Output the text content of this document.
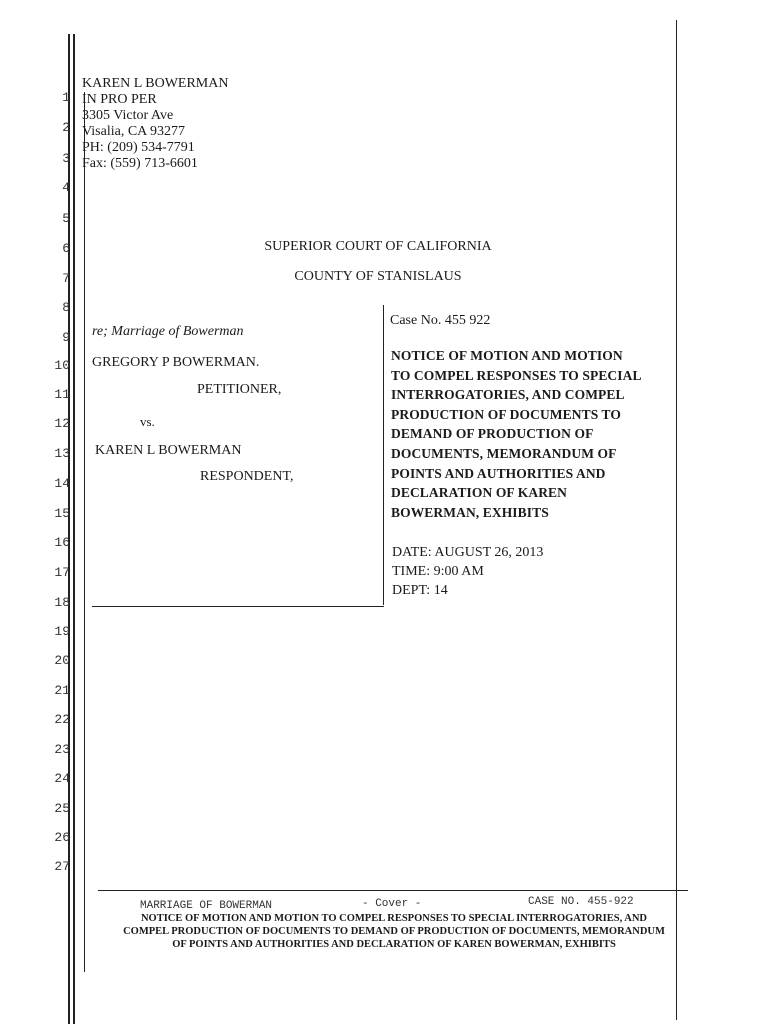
1
2
3
4
5
6
7
8
9
10
11
12
13
14
15
16
17
18
19
20
21
22
23
24
25
26
27
KAREN L BOWERMAN
IN PRO PER
3305 Victor Ave
Visalia, CA 93277
PH: (209) 534-7791
Fax: (559) 713-6601
SUPERIOR COURT OF CALIFORNIA
COUNTY OF STANISLAUS
re; Marriage of Bowerman
GREGORY P BOWERMAN.
PETITIONER,
vs.
KAREN L BOWERMAN
RESPONDENT,
Case No. 455 922
NOTICE OF MOTION AND MOTION
TO COMPEL RESPONSES TO SPECIAL
INTERROGATORIES, AND COMPEL
PRODUCTION OF DOCUMENTS TO
DEMAND OF PRODUCTION OF
DOCUMENTS, MEMORANDUM OF
POINTS AND AUTHORITIES AND
DECLARATION OF KAREN
BOWERMAN, EXHIBITS
DATE: AUGUST 26, 2013
TIME: 9:00 AM
DEPT: 14
MARRIAGE OF BOWERMAN	- Cover -	CASE NO. 455-922
NOTICE OF MOTION AND MOTION TO COMPEL RESPONSES TO SPECIAL INTERROGATORIES, AND
COMPEL PRODUCTION OF DOCUMENTS TO DEMAND OF PRODUCTION OF DOCUMENTS, MEMORANDUM
OF POINTS AND AUTHORITIES AND DECLARATION OF KAREN BOWERMAN, EXHIBITS
